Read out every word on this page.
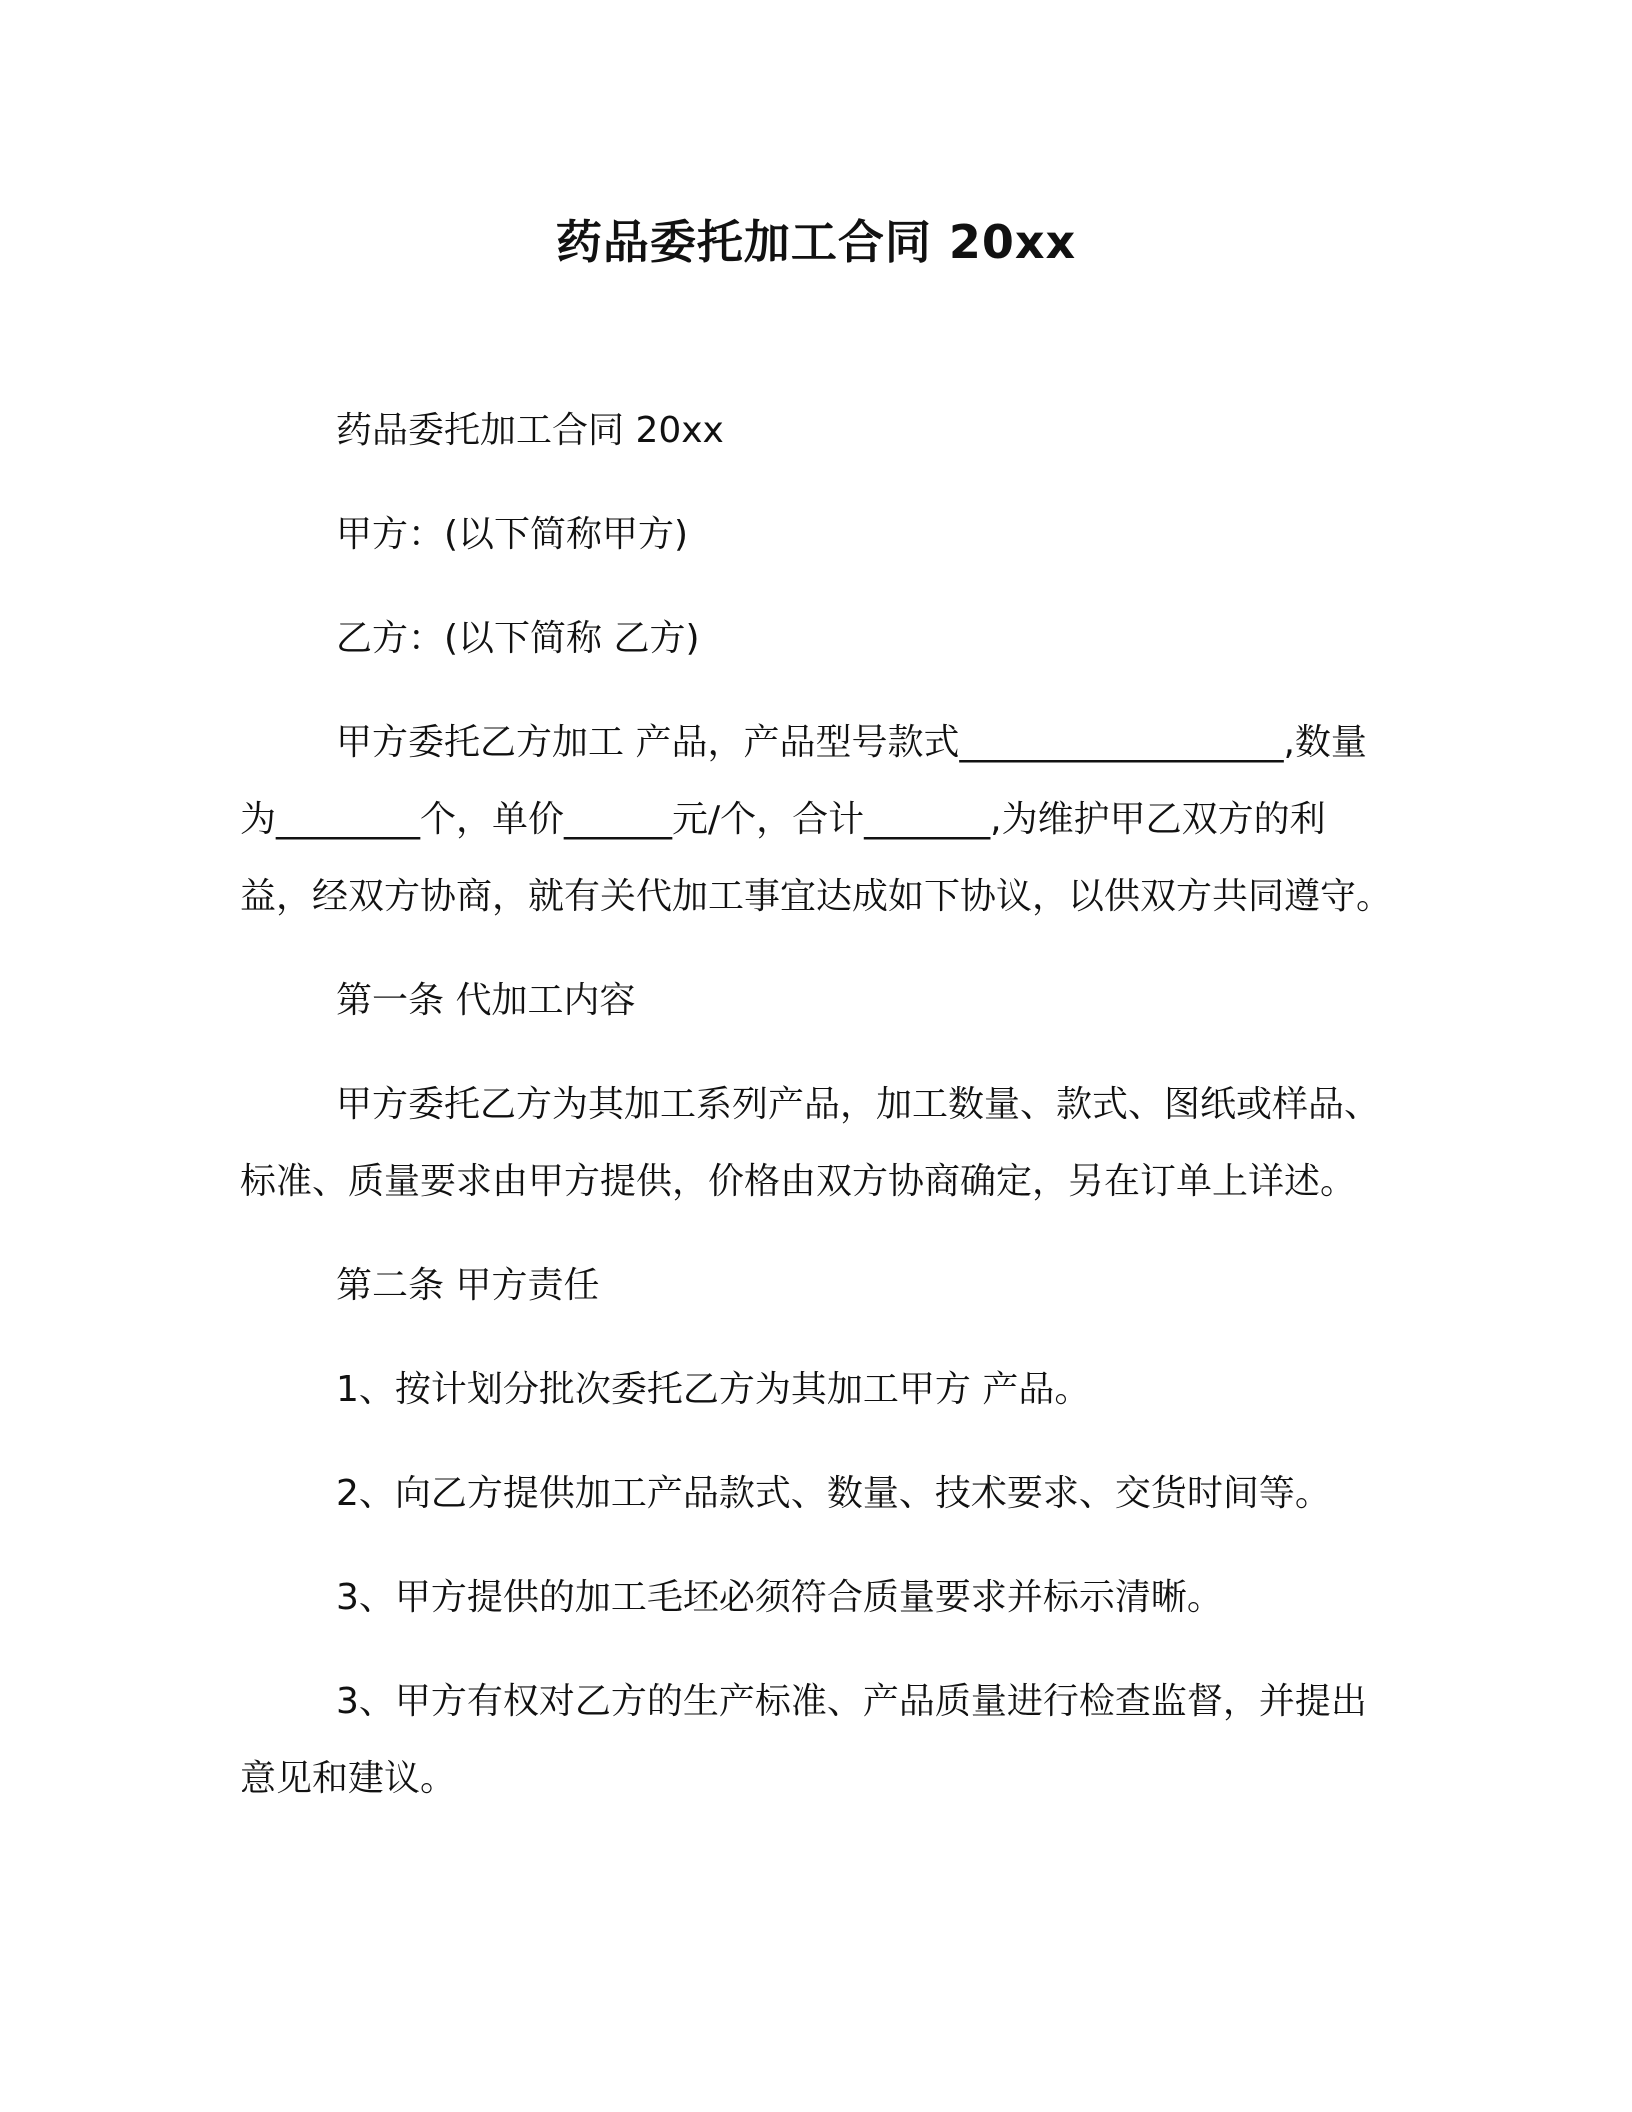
药品委托加工合同 20xx

药品委托加工合同 20xx

甲方：(以下简称甲方)

乙方：(以下简称 乙方)

甲方委托乙方加工 产品，产品型号款式__________________,数量为________个，单价______元/个，合计_______,为维护甲乙双方的利益，经双方协商，就有关代加工事宜达成如下协议，以供双方共同遵守。

第一条 代加工内容

甲方委托乙方为其加工系列产品，加工数量、款式、图纸或样品、标准、质量要求由甲方提供，价格由双方协商确定，另在订单上详述。

第二条 甲方责任

1、按计划分批次委托乙方为其加工甲方 产品。

2、向乙方提供加工产品款式、数量、技术要求、交货时间等。

3、甲方提供的加工毛坯必须符合质量要求并标示清晰。

3、甲方有权对乙方的生产标准、产品质量进行检查监督，并提出意见和建议。
